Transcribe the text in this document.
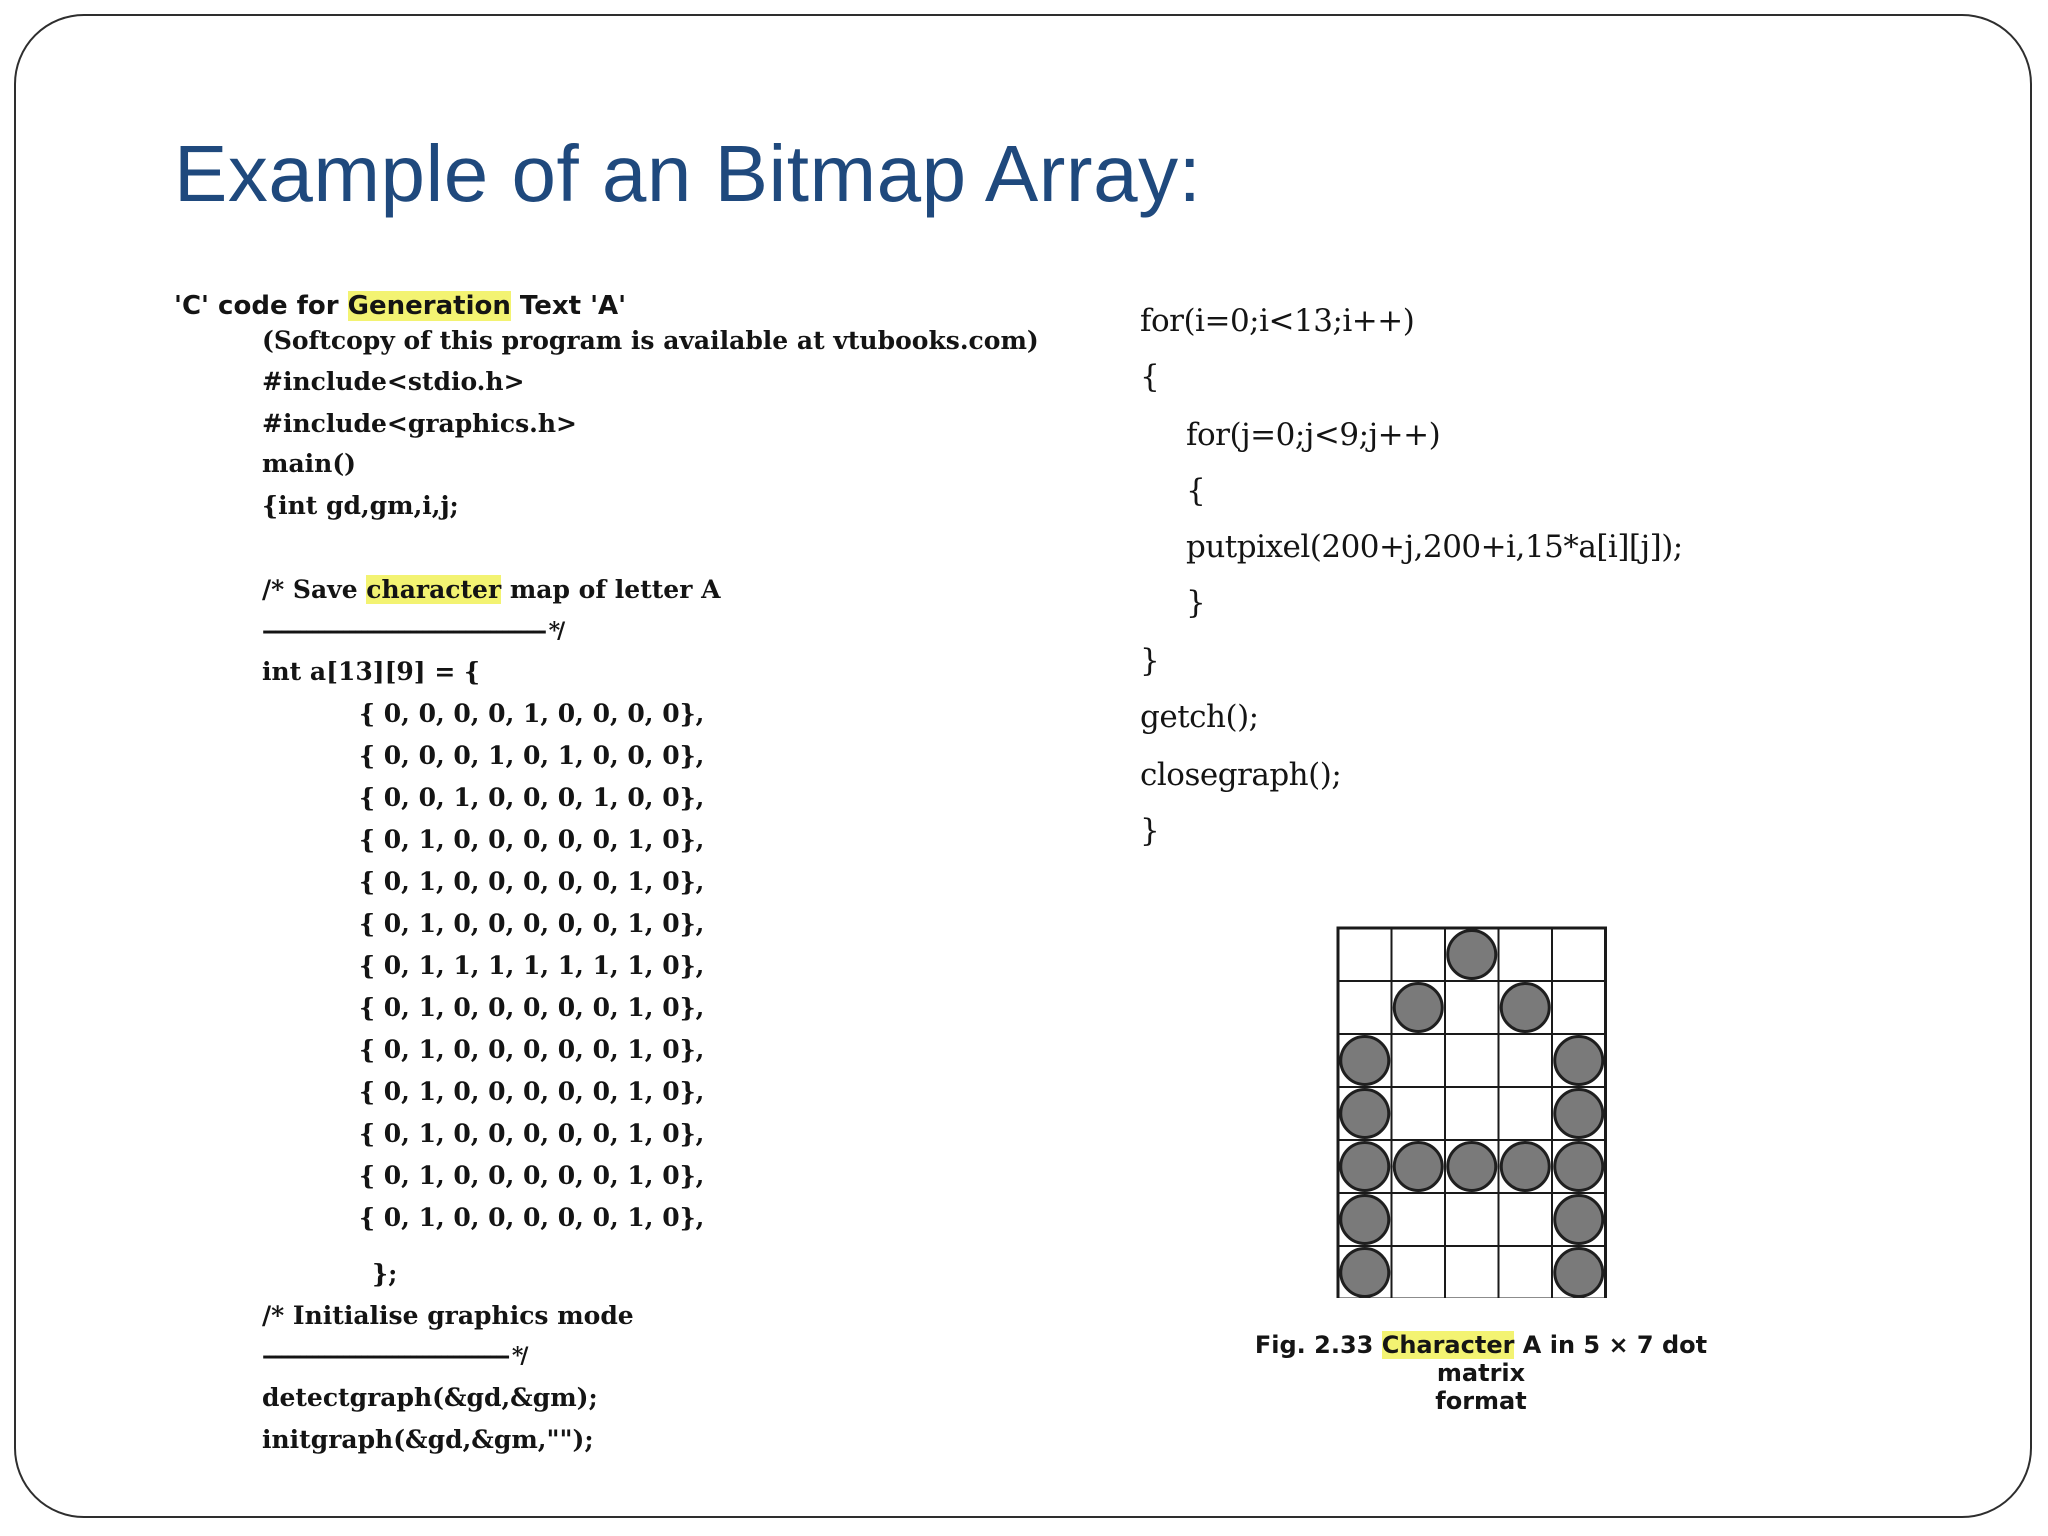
Example of an Bitmap Array:
'C' code for Generation Text 'A'
(Softcopy of this program is available at vtubooks.com)
#include<stdio.h>
#include<graphics.h>
main()
{int gd,gm,i,j;
/* Save character map of letter A
---------------------------------------------- */
int a[13][9] = {
{ 0, 0, 0, 0, 1, 0, 0, 0, 0},
{ 0, 0, 0, 1, 0, 1, 0, 0, 0},
{ 0, 0, 1, 0, 0, 0, 1, 0, 0},
{ 0, 1, 0, 0, 0, 0, 0, 1, 0},
{ 0, 1, 0, 0, 0, 0, 0, 1, 0},
{ 0, 1, 0, 0, 0, 0, 0, 1, 0},
{ 0, 1, 1, 1, 1, 1, 1, 1, 0},
{ 0, 1, 0, 0, 0, 0, 0, 1, 0},
{ 0, 1, 0, 0, 0, 0, 0, 1, 0},
{ 0, 1, 0, 0, 0, 0, 0, 1, 0},
{ 0, 1, 0, 0, 0, 0, 0, 1, 0},
{ 0, 1, 0, 0, 0, 0, 0, 1, 0},
{ 0, 1, 0, 0, 0, 0, 0, 1, 0},
};
/* Initialise graphics mode
---------------------------------------- */
detectgraph(&gd,&gm);
initgraph(&gd,&gm,"");
for(i=0;i<13;i++)
{
for(j=0;j<9;j++)
{
putpixel(200+j,200+i,15*a[i][j]);
}
}
getch();
closegraph();
}
Fig. 2.33 Character A in 5 × 7 dot matrix
format
